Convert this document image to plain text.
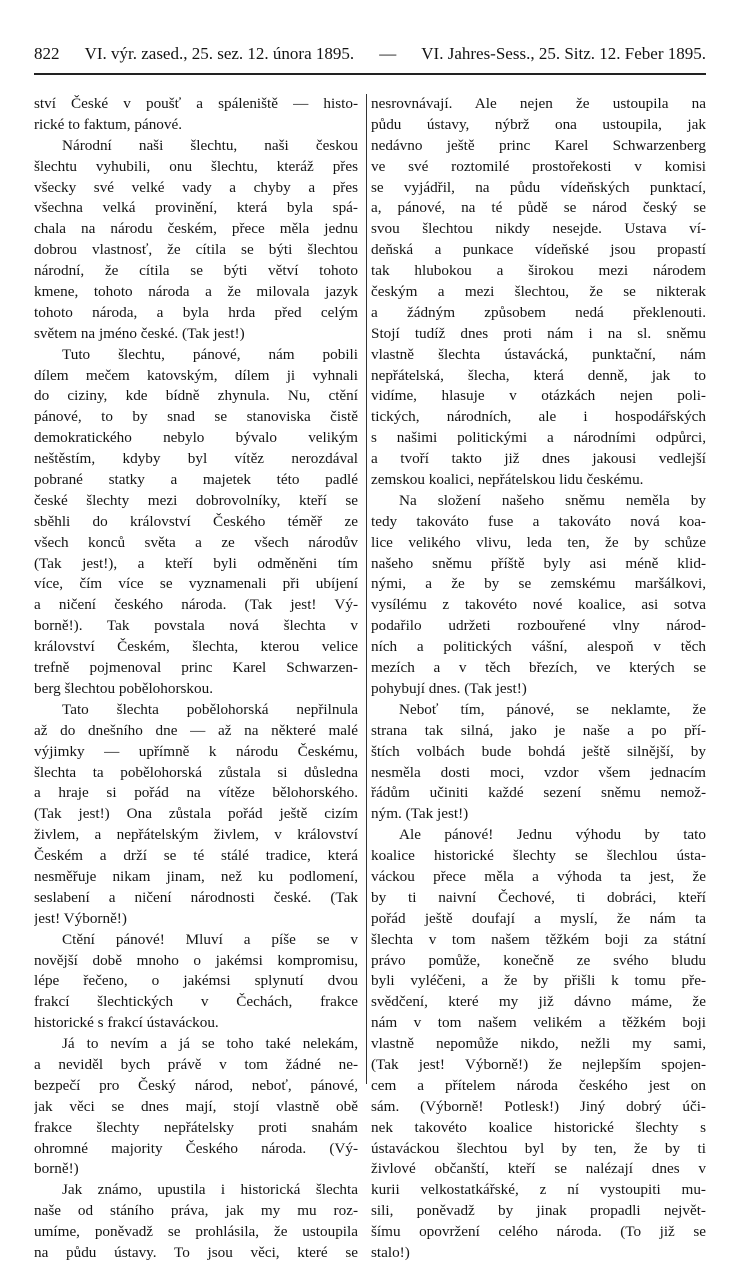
822 VI. výr. zased., 25. sez. 12. února 1895. — VI. Jahres-Sess., 25. Sitz. 12. Feber 1895.
ství České v poušť a spáleniště — histo-
rické to faktum, pánové.
Národní naši šlechtu, naši českou
šlechtu vyhubili, onu šlechtu, kteráž přes
všecky své velké vady a chyby a přes
všechna velká provinění, která byla spá-
chala na národu českém, přece měla jednu
dobrou vlastnosť, že cítila se býti šlechtou
národní, že cítila se býti větví tohoto
kmene, tohoto národa a že milovala jazyk
tohoto národa, a byla hrda před celým
světem na jméno české. (Tak jest!)
Tuto šlechtu, pánové, nám pobili
dílem mečem katovským, dílem ji vyhnali
do ciziny, kde bídně zhynula. Nu, ctění
pánové, to by snad se stanoviska čistě
demokratického nebylo bývalo velikým
neštěstím, kdyby byl vítěz nerozdával
pobrané statky a majetek této padlé
české šlechty mezi dobrovolníky, kteří se
sběhli do království Českého téměř ze
všech konců světa a ze všech národův
(Tak jest!), a kteří byli odměněni tím
více, čím více se vyznamenali při ubíjení
a ničení českého národa. (Tak jest! Vý-
borně!). Tak povstala nová šlechta v
království Českém, šlechta, kterou velice
trefně pojmenoval princ Karel Schwarzen-
berg šlechtou pobělohorskou.
Tato šlechta pobělohorská nepřilnula
až do dnešního dne — až na některé malé
výjimky — upřímně k národu Českému,
šlechta ta pobělohorská zůstala si důsledna
a hraje si pořád na vítěze bělohorského.
(Tak jest!) Ona zůstala pořád ještě cizím
živlem, a nepřátelským živlem, v království
Českém a drží se té stálé tradice, která
nesměřuje nikam jinam, než ku podlomení,
seslabení a ničení národnosti české. (Tak
jest! Výborně!)
Ctění pánové! Mluví a píše se v
novější době mnoho o jakémsi kompromisu,
lépe řečeno, o jakémsi splynutí dvou
frakcí šlechtických v Čechách, frakce
historické s frakcí ústaváckou.
Já to nevím a já se toho také nelekám,
a neviděl bych právě v tom žádné ne-
bezpečí pro Český národ, neboť, pánové,
jak věci se dnes mají, stojí vlastně obě
frakce šlechty nepřátelsky proti snahám
ohromné majority Českého národa. (Vý-
borně!)
Jak známo, upustila i historická šlechta
naše od stáního práva, jak my mu roz-
umíme, poněvadž se prohlásila, že ustoupila
na půdu ústavy. To jsou věci, které se
nesrovnávají. Ale nejen že ustoupila na
půdu ústavy, nýbrž ona ustoupila, jak
nedávno ještě princ Karel Schwarzenberg
ve své roztomilé prostořekosti v komisi
se vyjádřil, na půdu vídeňských punktací,
a, pánové, na té půdě se národ český se
svou šlechtou nikdy nesejde. Ustava ví-
deňská a punkace vídeňské jsou propastí
tak hlubokou a širokou mezi národem
českým a mezi šlechtou, že se nikterak
a žádným způsobem nedá překlenouti.
Stojí tudíž dnes proti nám i na sl. sněmu
vlastně šlechta ústavácká, punktační, nám
nepřátelská, šlecha, která denně, jak to
vidíme, hlasuje v otázkách nejen poli-
tických, národních, ale i hospodářských
s našimi politickými a národními odpůrci,
a tvoří takto již dnes jakousi vedlejší
zemskou koalici, nepřátelskou lidu českému.
Na složení našeho sněmu neměla by
tedy takováto fuse a takováto nová koa-
lice velikého vlivu, leda ten, že by schůze
našeho sněmu příště byly asi méně klid-
nými, a že by se zemskému maršálkovi,
vysílému z takovéto nové koalice, asi sotva
podařilo udržeti rozbouřené vlny národ-
ních a politických vášní, alespoň v těch
mezích a v těch březích, ve kterých se
pohybují dnes. (Tak jest!)
Neboť tím, pánové, se neklamte, že
strana tak silná, jako je naše a po pří-
štích volbách bude bohdá ještě silnější, by
nesměla dosti moci, vzdor všem jednacím
řádům učiniti každé sezení sněmu nemož-
ným. (Tak jest!)
Ale pánové! Jednu výhodu by tato
koalice historické šlechty se šlechlou ústa-
váckou přece měla a výhoda ta jest, že
by ti naivní Čechové, ti dobráci, kteří
pořád ještě doufají a myslí, že nám ta
šlechta v tom našem těžkém boji za státní
právo pomůže, konečně ze svého bludu
byli vyléčeni, a že by přišli k tomu pře-
svědčení, které my již dávno máme, že
nám v tom našem velikém a těžkém boji
vlastně nepomůže nikdo, nežli my sami,
(Tak jest! Výborně!) že nejlepším spojen-
cem a přítelem národa českého jest on
sám. (Výborně! Potlesk!) Jiný dobrý úči-
nek takovéto koalice historické šlechty s
ústaváckou šlechtou byl by ten, že by ti
živlové občanští, kteří se nalézají dnes v
kurii velkostatkářské, z ní vystoupiti mu-
sili, poněvadž by jinak propadli největ-
šímu opovržení celého národa. (To již se
stalo!)
